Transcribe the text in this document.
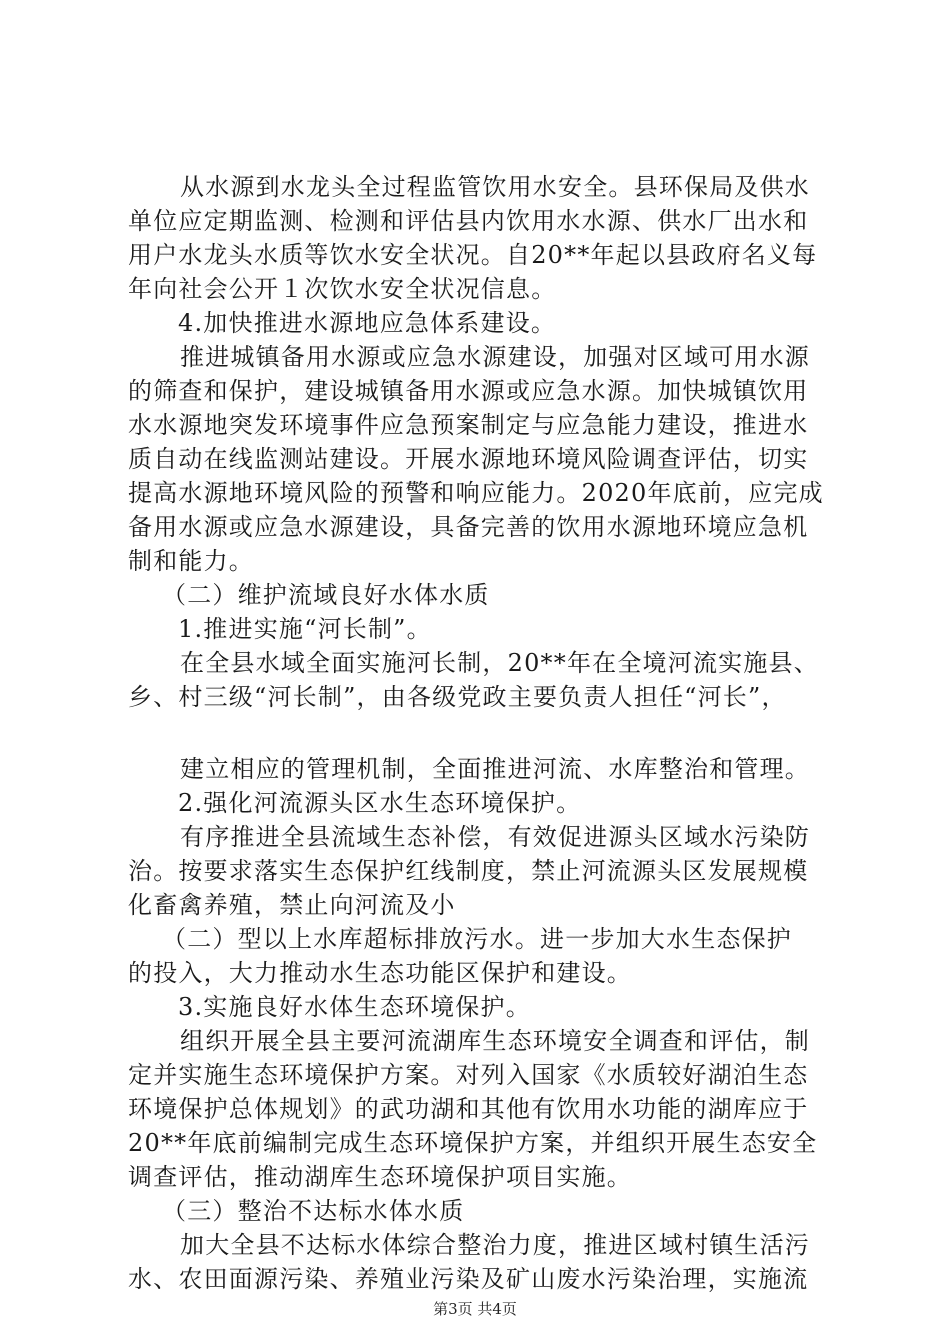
从水源到水龙头全过程监管饮用水安全。县环保局及供水
单位应定期监测、检测和评估县内饮用水水源、供水厂出水和
用户水龙头水质等饮水安全状况。自20**年起以县政府名义每
年向社会公开１次饮水安全状况信息。
4.加快推进水源地应急体系建设。
推进城镇备用水源或应急水源建设，加强对区域可用水源
的筛查和保护，建设城镇备用水源或应急水源。加快城镇饮用
水水源地突发环境事件应急预案制定与应急能力建设，推进水
质自动在线监测站建设。开展水源地环境风险调查评估，切实
提高水源地环境风险的预警和响应能力。2020年底前，应完成
备用水源或应急水源建设，具备完善的饮用水源地环境应急机
制和能力。
（二）维护流域良好水体水质
1.推进实施“河长制”。
在全县水域全面实施河长制，20**年在全境河流实施县、
乡、村三级“河长制”，由各级党政主要负责人担任“河长”，
建立相应的管理机制，全面推进河流、水库整治和管理。
2.强化河流源头区水生态环境保护。
有序推进全县流域生态补偿，有效促进源头区域水污染防
治。按要求落实生态保护红线制度，禁止河流源头区发展规模
化畜禽养殖，禁止向河流及小
（二）型以上水库超标排放污水。进一步加大水生态保护
的投入，大力推动水生态功能区保护和建设。
3.实施良好水体生态环境保护。
组织开展全县主要河流湖库生态环境安全调查和评估，制
定并实施生态环境保护方案。对列入国家《水质较好湖泊生态
环境保护总体规划》的武功湖和其他有饮用水功能的湖库应于
20**年底前编制完成生态环境保护方案，并组织开展生态安全
调查评估，推动湖库生态环境保护项目实施。
（三）整治不达标水体水质
加大全县不达标水体综合整治力度，推进区域村镇生活污
水、农田面源污染、养殖业污染及矿山废水污染治理，实施流
第3页 共4页
